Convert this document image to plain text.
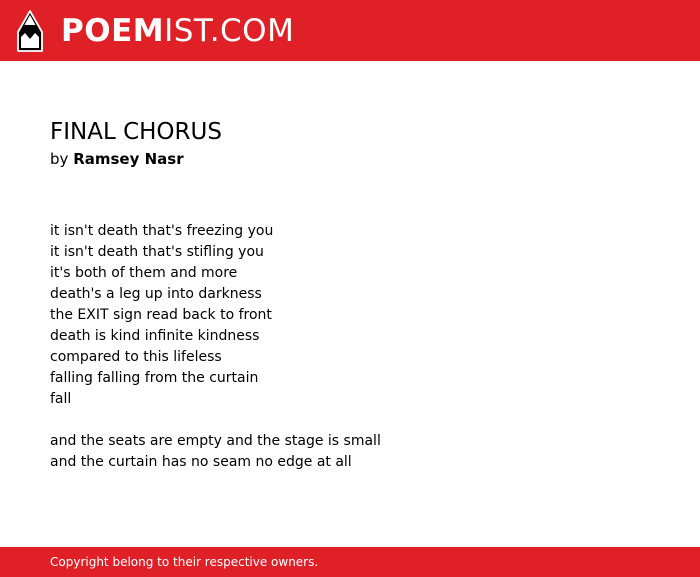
POEMIST.COM
FINAL CHORUS
by Ramsey Nasr

it isn't death that's freezing you
it isn't death that's stifling you
it's both of them and more
death's a leg up into darkness
the EXIT sign read back to front
death is kind infinite kindness
compared to this lifeless
falling falling from the curtain
fall

and the seats are empty and the stage is small
and the curtain has no seam no edge at all

Copyright belong to their respective owners.
